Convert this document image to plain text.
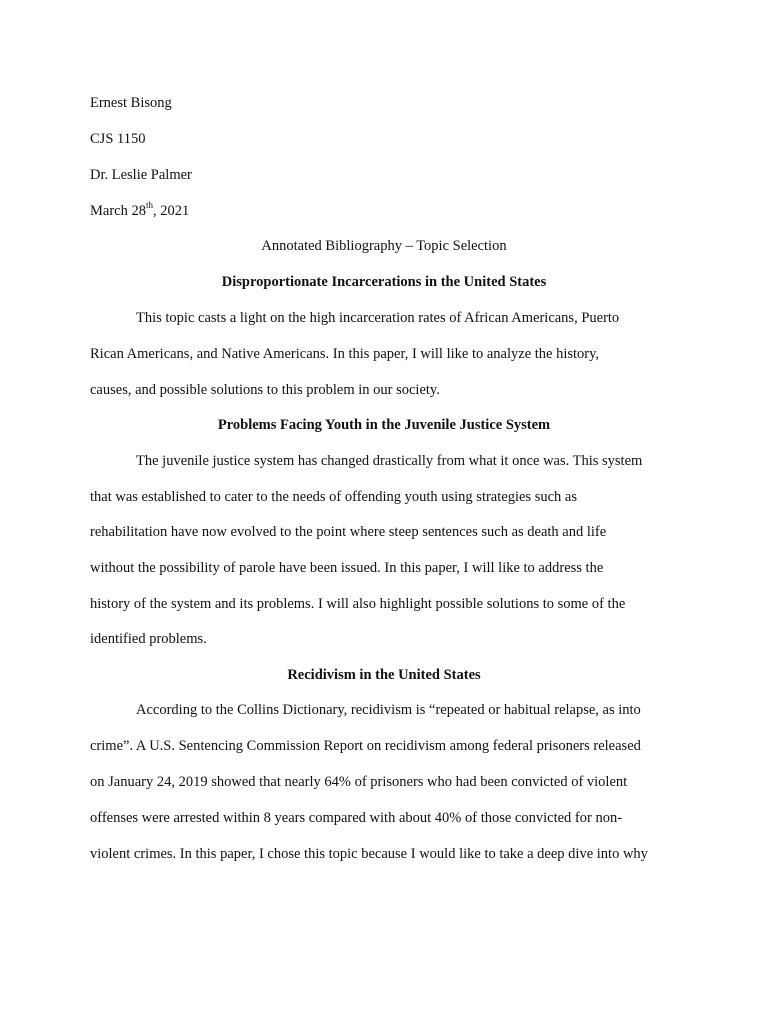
Ernest Bisong
CJS 1150
Dr. Leslie Palmer
March 28th, 2021
Annotated Bibliography – Topic Selection
Disproportionate Incarcerations in the United States
This topic casts a light on the high incarceration rates of African Americans, Puerto
Rican Americans, and Native Americans. In this paper, I will like to analyze the history,
causes, and possible solutions to this problem in our society.
Problems Facing Youth in the Juvenile Justice System
The juvenile justice system has changed drastically from what it once was. This system
that was established to cater to the needs of offending youth using strategies such as
rehabilitation have now evolved to the point where steep sentences such as death and life
without the possibility of parole have been issued. In this paper, I will like to address the
history of the system and its problems. I will also highlight possible solutions to some of the
identified problems.
Recidivism in the United States
According to the Collins Dictionary, recidivism is “repeated or habitual relapse, as into
crime”. A U.S. Sentencing Commission Report on recidivism among federal prisoners released
on January 24, 2019 showed that nearly 64% of prisoners who had been convicted of violent
offenses were arrested within 8 years compared with about 40% of those convicted for non-
violent crimes. In this paper, I chose this topic because I would like to take a deep dive into why
